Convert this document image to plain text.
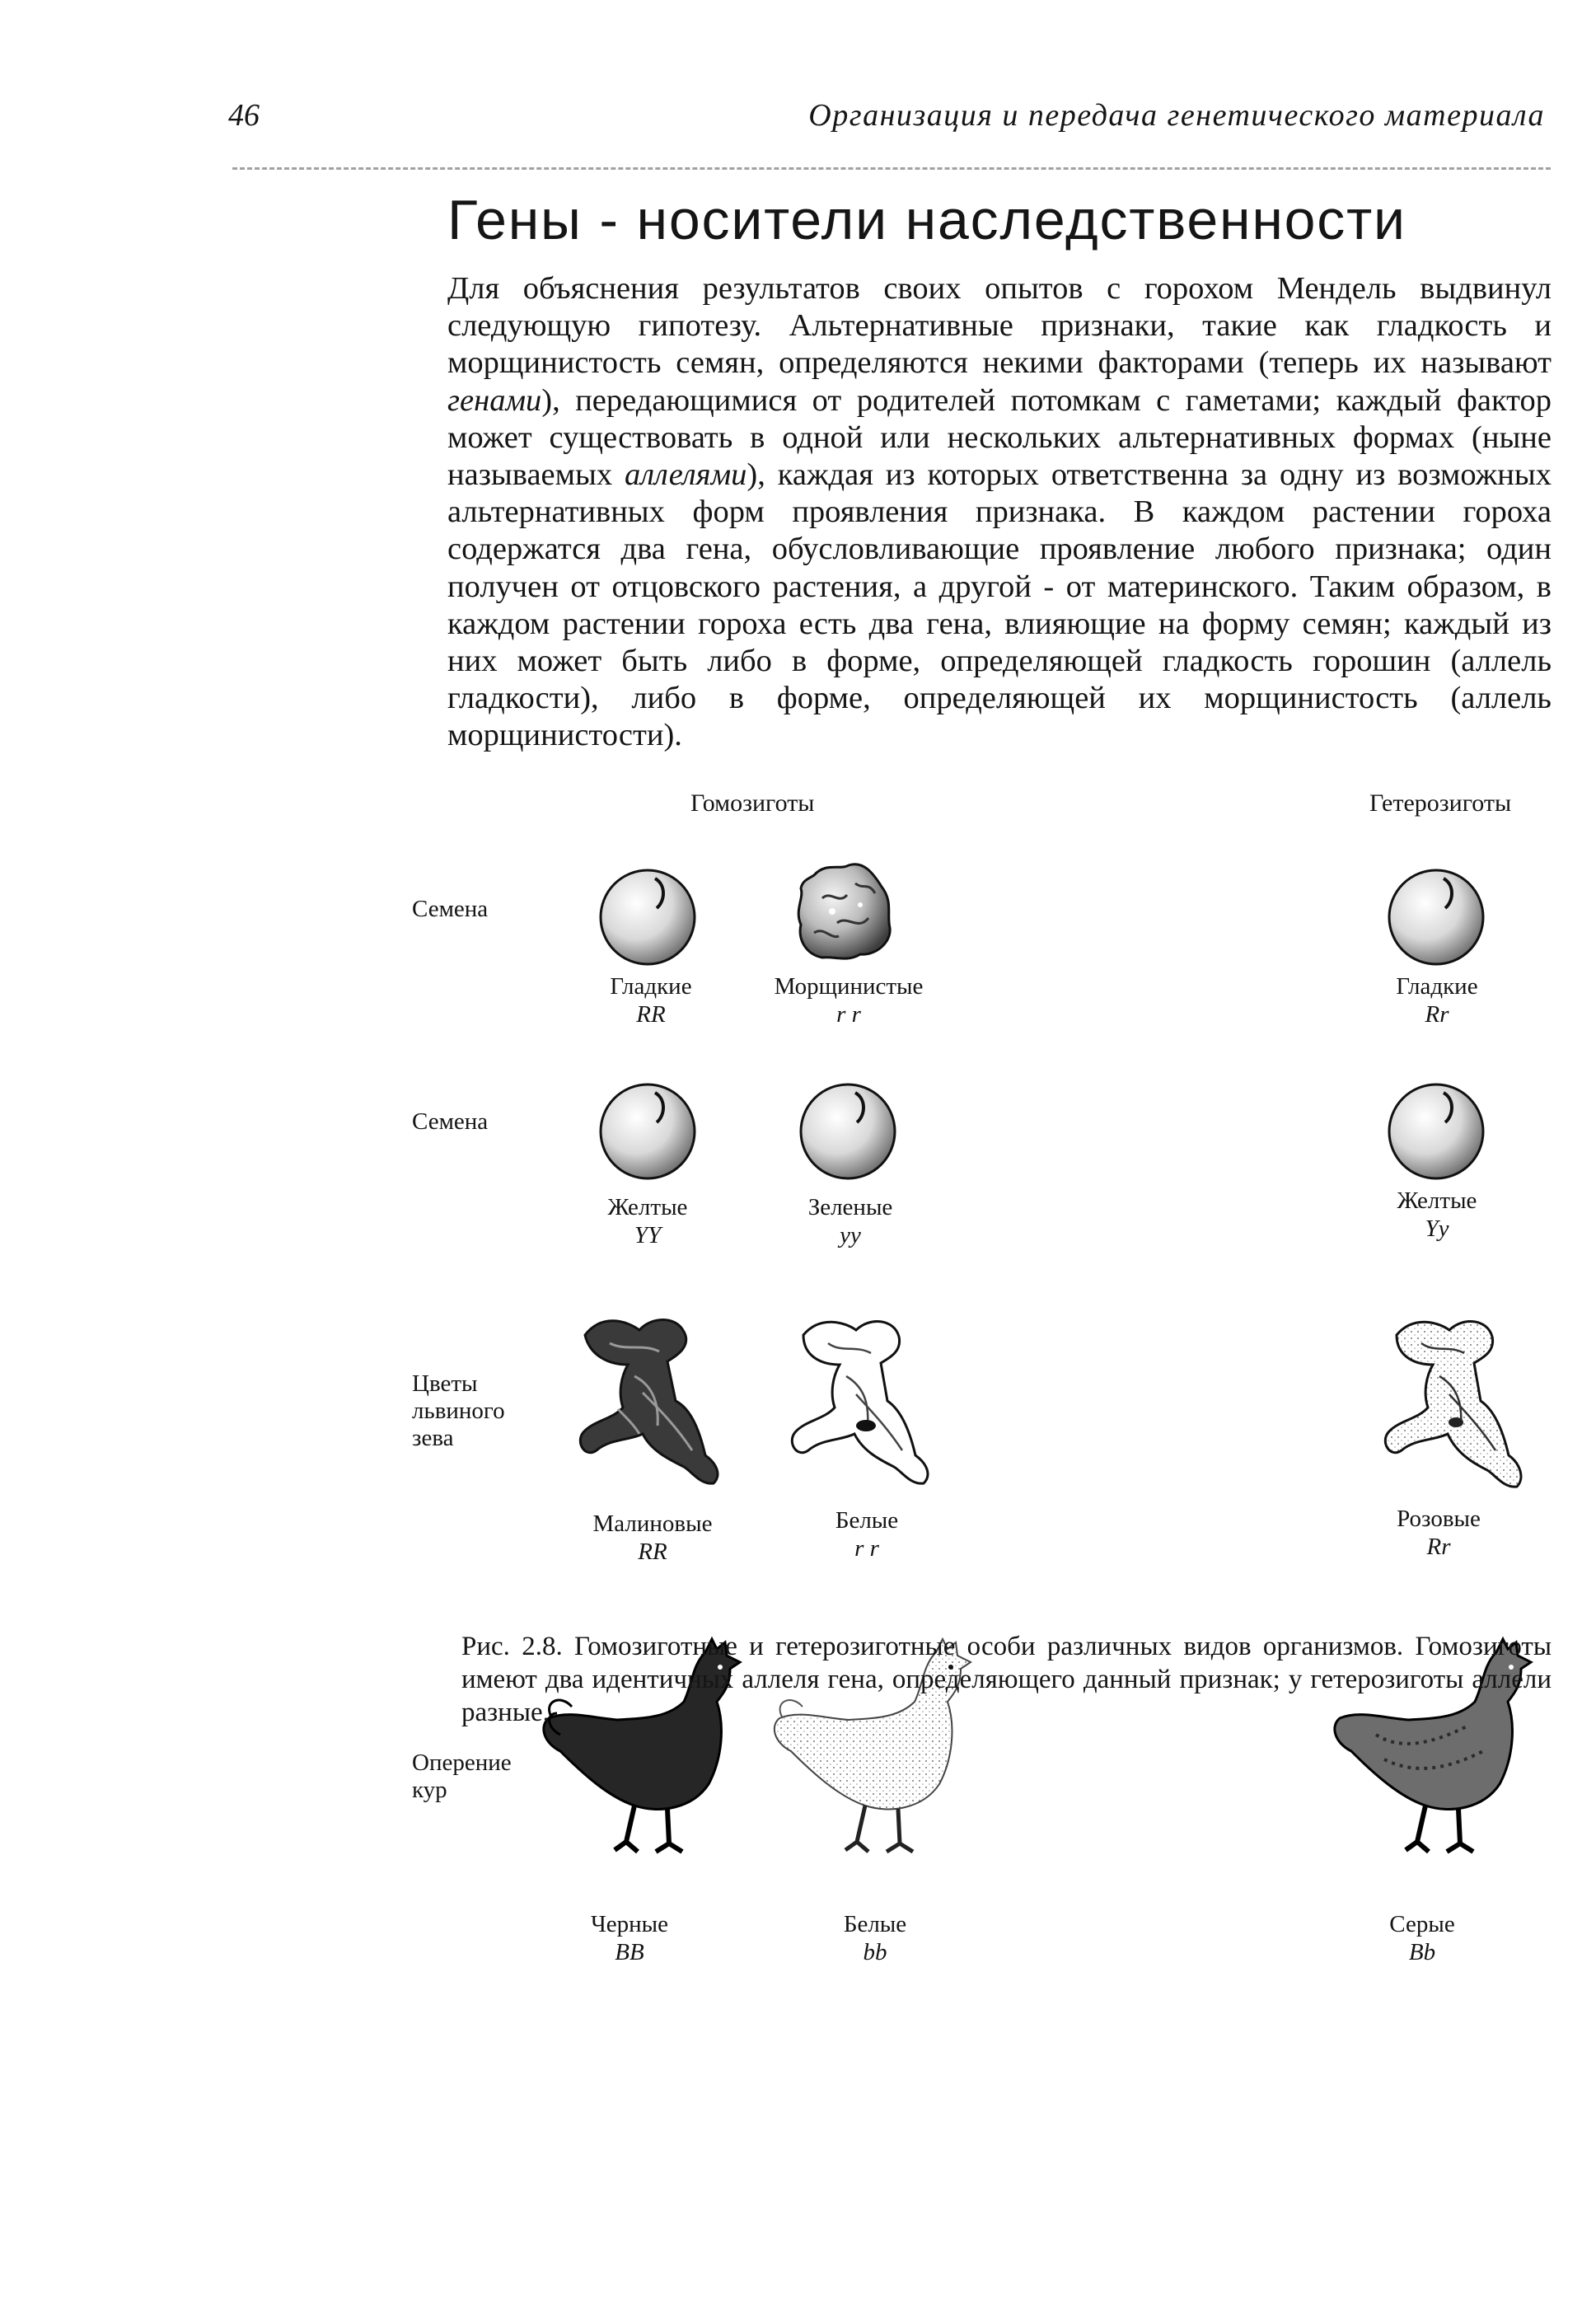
46	Организация и передача генетического материала
Гены - носители наследственности

Для объяснения результатов своих опытов с горохом Мендель выдвинул следующую гипотезу. Альтернативные признаки, такие как гладкость и морщинистость семян, определяются некими факторами (теперь их называют генами), передающимися от родителей потомкам с гаметами; каждый фактор может существовать в одной или нескольких альтернативных формах (ныне называемых аллелями), каждая из которых ответственна за одну из возможных альтернативных форм проявления признака. В каждом растении гороха содержатся два гена, обусловливающие проявление любого признака; один получен от отцовского растения, а другой - от материнского. Таким образом, в каждом растении гороха есть два гена, влияющие на форму семян; каждый из них может быть либо в форме, определяющей гладкость горошин (аллель гладкости), либо в форме, определяющей их морщинистость (аллель морщинистости).

Гомозиготы	Гетерозиготы
Семена
Семена
Цветы львиного зева
Оперение кур
Гладкие
RR
Морщинистые
r r
Гладкие
Rr
Желтые
YY
Зеленые
yy
Желтые
Yy
Малиновые
RR
Белые
r r
Розовые
Rr
Черные
BB
Белые
bb
Серые
Bb
Рис. 2.8. Гомозиготные и гетерозиготные особи различных видов организмов. Гомозиготы имеют два идентичных аллеля гена, определяющего данный признак; у гетерозиготы аллели разные.
